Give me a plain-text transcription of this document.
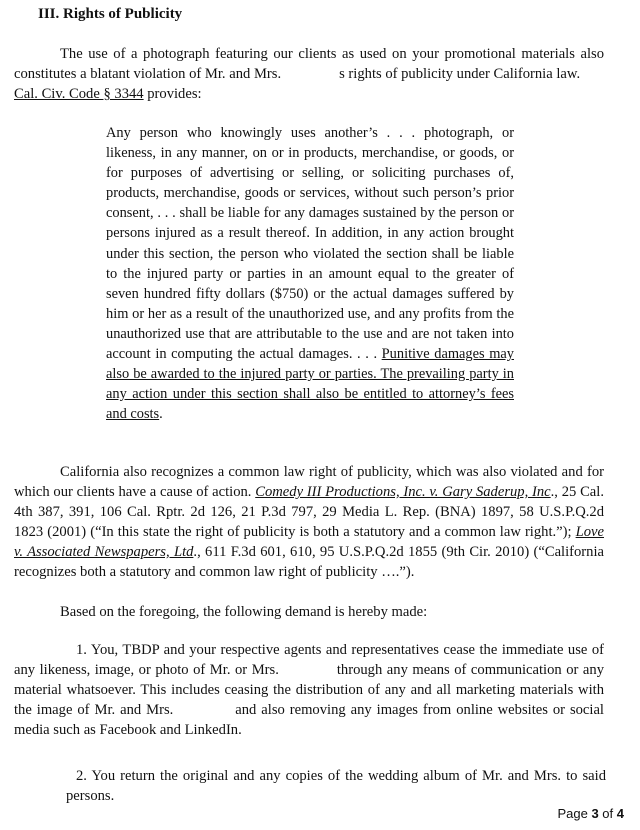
III. Rights of Publicity
The use of a photograph featuring our clients as used on your promotional materials also constitutes a blatant violation of Mr. and Mrs.	s rights of publicity under California law.
Cal. Civ. Code § 3344 provides:
Any person who knowingly uses another’s . . . photograph, or likeness, in any manner, on or in products, merchandise, or goods, or for purposes of advertising or selling, or soliciting purchases of, products, merchandise, goods or services, without such person’s prior consent, . . . shall be liable for any damages sustained by the person or persons injured as a result thereof. In addition, in any action brought under this section, the person who violated the section shall be liable to the injured party or parties in an amount equal to the greater of seven hundred fifty dollars ($750) or the actual damages suffered by him or her as a result of the unauthorized use, and any profits from the unauthorized use that are attributable to the use and are not taken into account in computing the actual damages. . . . Punitive damages may also be awarded to the injured party or parties. The prevailing party in any action under this section shall also be entitled to attorney’s fees and costs.
California also recognizes a common law right of publicity, which was also violated and for which our clients have a cause of action. Comedy III Productions, Inc. v. Gary Saderup, Inc., 25 Cal. 4th 387, 391, 106 Cal. Rptr. 2d 126, 21 P.3d 797, 29 Media L. Rep. (BNA) 1897, 58 U.S.P.Q.2d 1823 (2001) (“In this state the right of publicity is both a statutory and a common law right.”); Love v. Associated Newspapers, Ltd., 611 F.3d 601, 610, 95 U.S.P.Q.2d 1855 (9th Cir. 2010) (“California recognizes both a statutory and common law right of publicity ….”).
Based on the foregoing, the following demand is hereby made:
1. You, TBDP and your respective agents and representatives cease the immediate use of any likeness, image, or photo of Mr. or Mrs.	through any means of communication or any material whatsoever. This includes ceasing the distribution of any and all marketing materials with the image of Mr. and Mrs.	and also removing any images from online websites or social media such as Facebook and LinkedIn.
2. You return the original and any copies of the wedding album of Mr. and Mrs. to said persons.
Page 3 of 4
